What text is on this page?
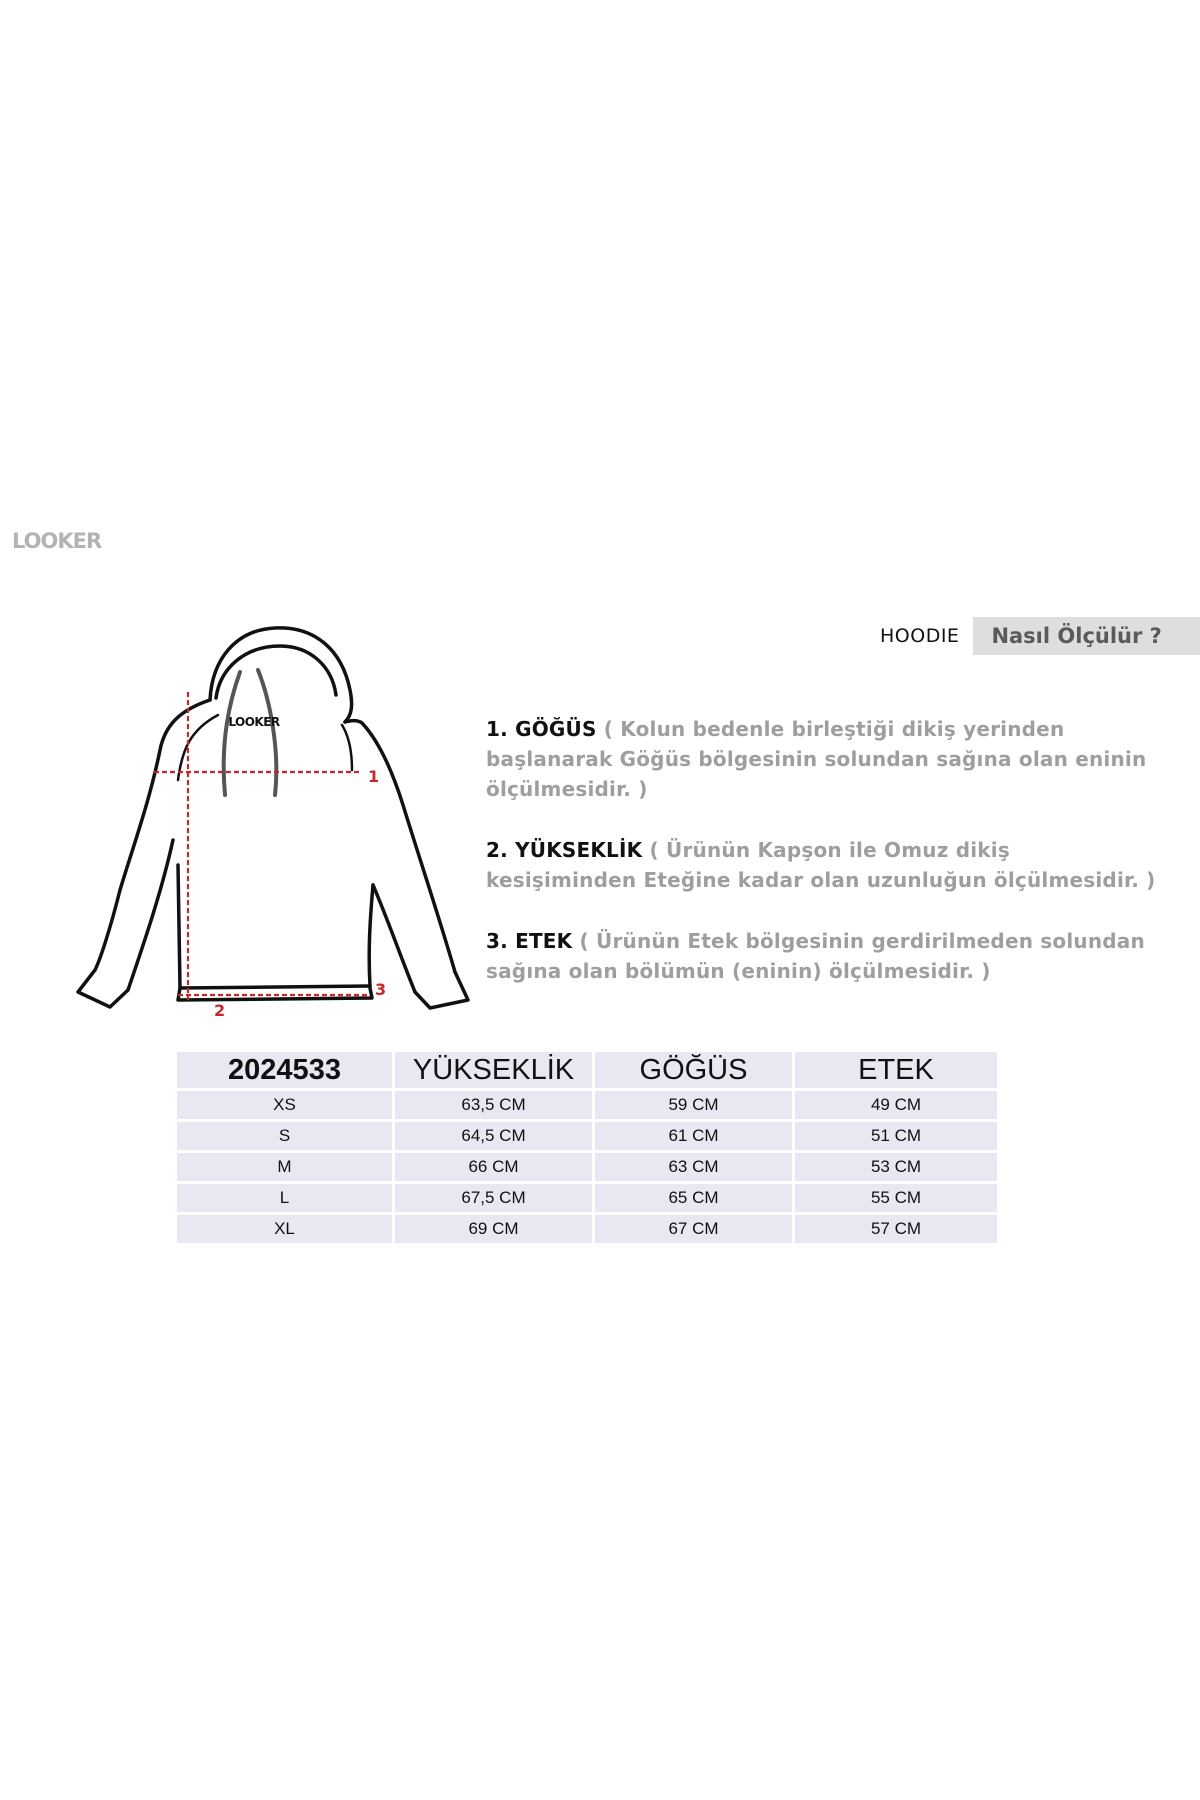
LOOKER
HOODIE	Nasıl Ölçülür ?
LOOKER
1
2
3
1. GÖĞÜS ( Kolun bedenle birleştiği dikiş yerinden başlanarak Göğüs bölgesinin solundan sağına olan eninin ölçülmesidir. )
2. YÜKSEKLİK ( Ürünün Kapşon ile Omuz dikiş kesişiminden Eteğine kadar olan uzunluğun ölçülmesidir. )
3. ETEK ( Ürünün Etek bölgesinin gerdirilmeden solundan sağına olan bölümün (eninin) ölçülmesidir. )
2024533	YÜKSEKLİK	GÖĞÜS	ETEK
XS	63,5 CM	59 CM	49 CM
S	64,5 CM	61 CM	51 CM
M	66 CM	63 CM	53 CM
L	67,5 CM	65 CM	55 CM
XL	69 CM	67 CM	57 CM
